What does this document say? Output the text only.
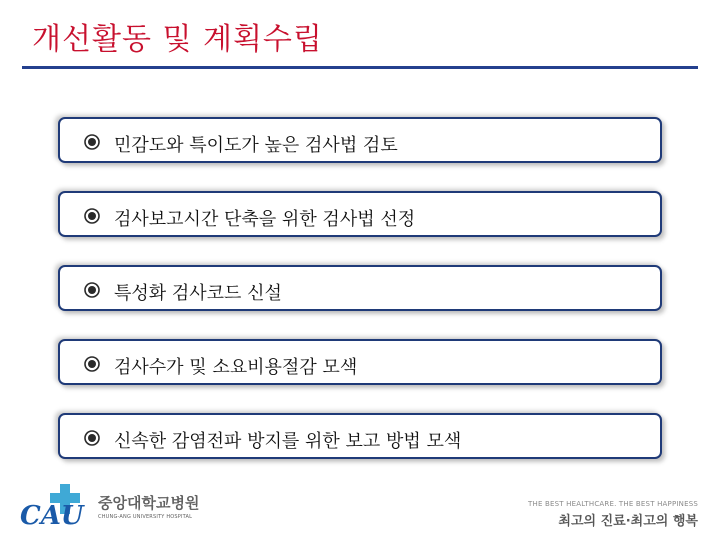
개선활동 및 계획수립
민감도와 특이도가 높은 검사법 검토
검사보고시간 단축을 위한 검사법 선정
특성화 검사코드 신설
검사수가 및 소요비용절감 모색
신속한 감염전파 방지를 위한 보고 방법 모색
CAU 중앙대학교병원
CHUNG-ANG UNIVERSITY HOSPITAL
THE BEST HEALTHCARE. THE BEST HAPPINESS
최고의 진료·최고의 행복
